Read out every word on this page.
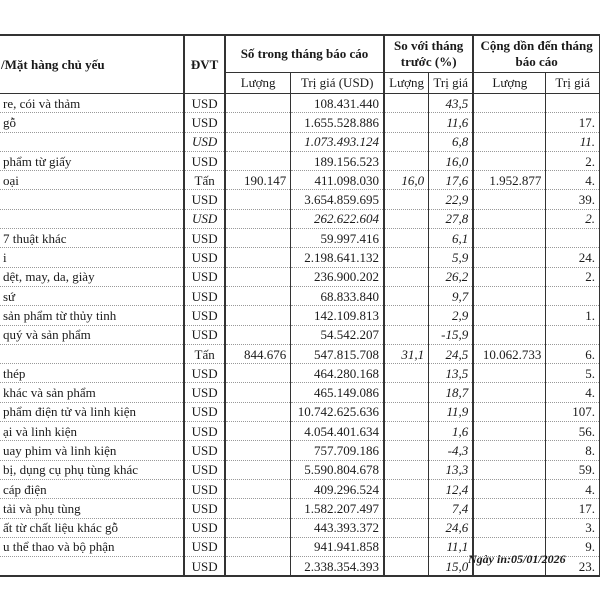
/Mặt hàng chủ yếu	ĐVT	Số trong tháng báo cáo		So với tháng trước (%)		Cộng dồn đến tháng báo cáo	
		Lượng	Trị giá (USD)	Lượng	Trị giá	Lượng	Trị giá
re, cói và thảm	USD		108.431.440		43,5		
gỗ	USD		1.655.528.886		11,6		17.
	USD		1.073.493.124		6,8		11.
phẩm từ giấy	USD		189.156.523		16,0		2.
oại	Tấn	190.147	411.098.030	16,0	17,6	1.952.877	4.
	USD		3.654.859.695		22,9		39.
	USD		262.622.604		27,8		2.
7 thuật khác	USD		59.997.416		6,1		
i	USD		2.198.641.132		5,9		24.
dệt, may, da, giày	USD		236.900.202		26,2		2.
sứ	USD		68.833.840		9,7		
sản phẩm từ thủy tinh	USD		142.109.813		2,9		1.
quý và sản phẩm	USD		54.542.207		-15,9		
	Tấn	844.676	547.815.708	31,1	24,5	10.062.733	6.
thép	USD		464.280.168		13,5		5.
khác và sản phẩm	USD		465.149.086		18,7		4.
phẩm điện tử và linh kiện	USD		10.742.625.636		11,9		107.
ại và linh kiện	USD		4.054.401.634		1,6		56.
uay phim và linh kiện	USD		757.709.186		-4,3		8.
bị, dụng cụ phụ tùng khác	USD		5.590.804.678		13,3		59.
cáp điện	USD		409.296.524		12,4		4.
tải và phụ tùng	USD		1.582.207.497		7,4		17.
ất từ chất liệu khác gỗ	USD		443.393.372		24,6		3.
u thể thao và bộ phận	USD		941.941.858		11,1		9.
	USD		2.338.354.393		15,0		23.
Ngày in:05/01/2026
